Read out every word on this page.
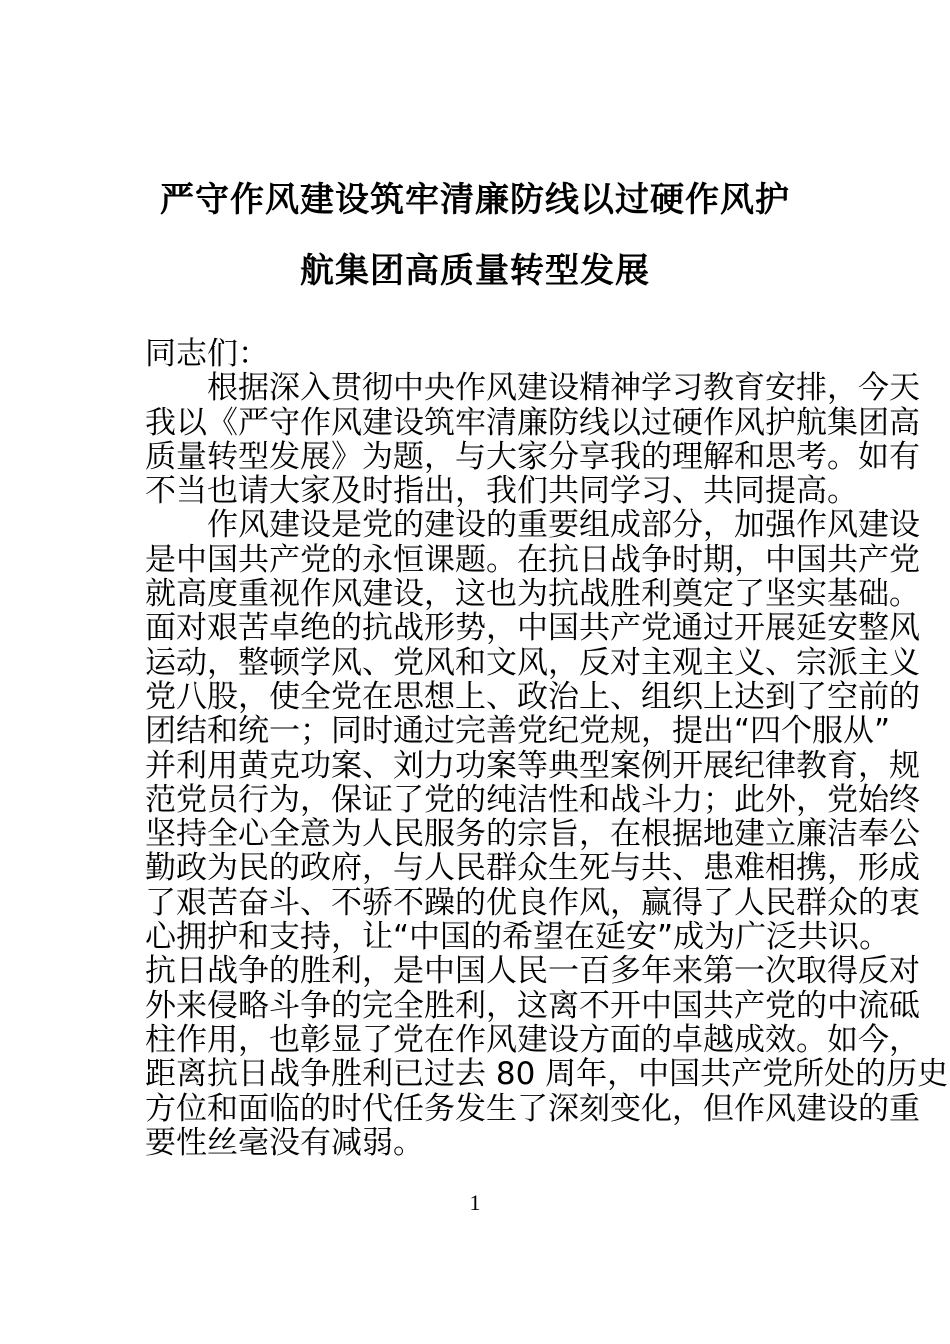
严守作风建设筑牢清廉防线以过硬作风护
航集团高质量转型发展
同志们：
根据深入贯彻中央作风建设精神学习教育安排，今天
我以《严守作风建设筑牢清廉防线以过硬作风护航集团高
质量转型发展》为题，与大家分享我的理解和思考。如有
不当也请大家及时指出，我们共同学习、共同提高。
作风建设是党的建设的重要组成部分，加强作风建设
是中国共产党的永恒课题。在抗日战争时期，中国共产党
就高度重视作风建设，这也为抗战胜利奠定了坚实基础。
面对艰苦卓绝的抗战形势，中国共产党通过开展延安整风
运动，整顿学风、党风和文风，反对主观主义、宗派主义
党八股，使全党在思想上、政治上、组织上达到了空前的
团结和统一；同时通过完善党纪党规，提出“四个服从”
并利用黄克功案、刘力功案等典型案例开展纪律教育，规
范党员行为，保证了党的纯洁性和战斗力；此外，党始终
坚持全心全意为人民服务的宗旨，在根据地建立廉洁奉公
勤政为民的政府，与人民群众生死与共、患难相携，形成
了艰苦奋斗、不骄不躁的优良作风，赢得了人民群众的衷
心拥护和支持，让“中国的希望在延安”成为广泛共识。
抗日战争的胜利，是中国人民一百多年来第一次取得反对
外来侵略斗争的完全胜利，这离不开中国共产党的中流砥
柱作用，也彰显了党在作风建设方面的卓越成效。如今，
距离抗日战争胜利已过去 80 周年，中国共产党所处的历史
方位和面临的时代任务发生了深刻变化，但作风建设的重
要性丝毫没有减弱。
1
